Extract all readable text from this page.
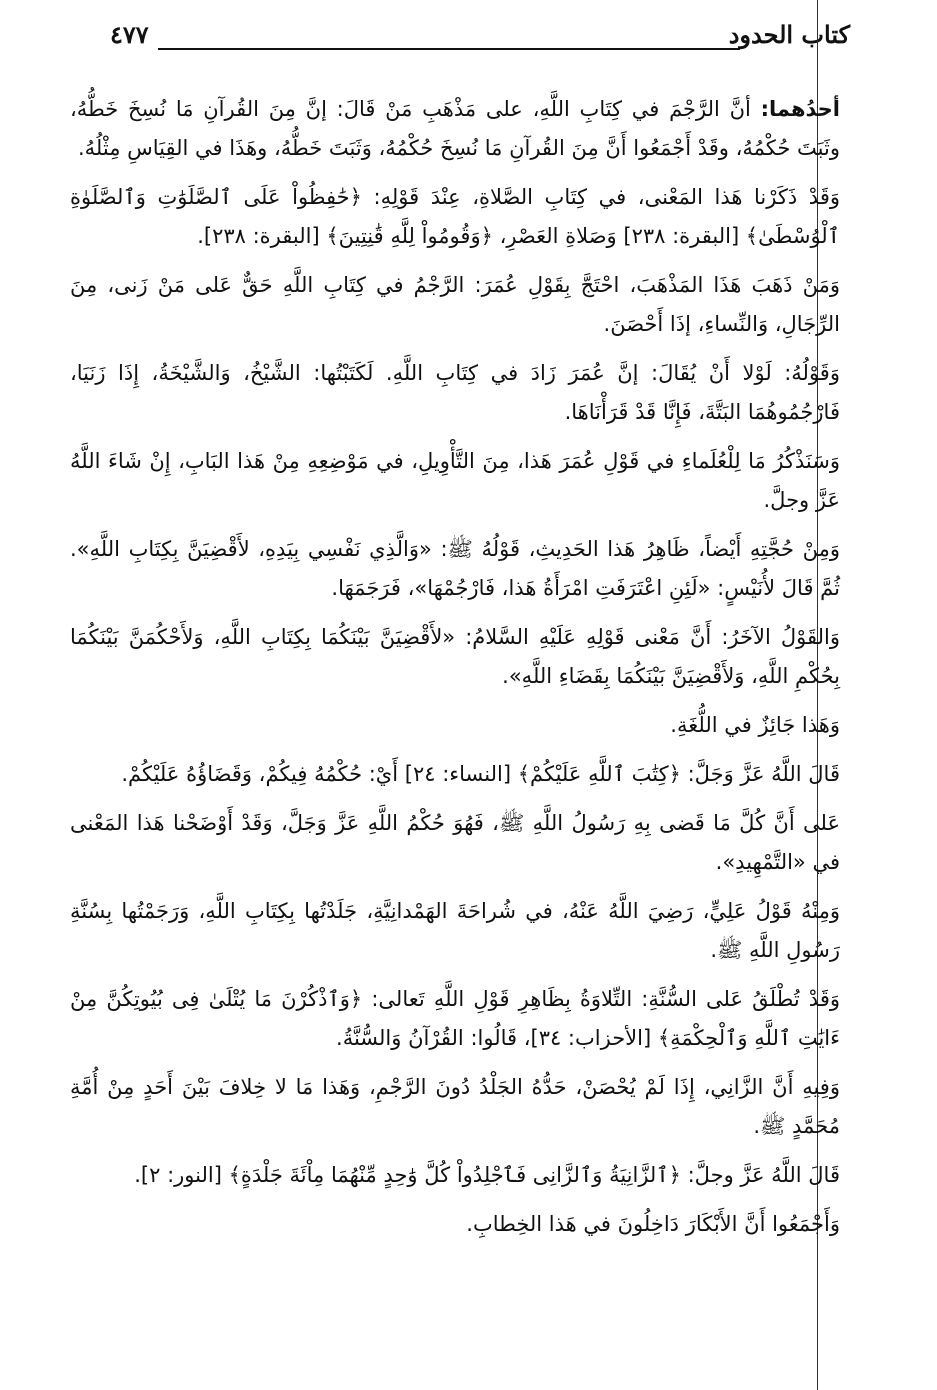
كتاب الحدود
٤٧٧

أحدُهما: أنَّ الرَّجْمَ في كِتَابِ اللَّهِ، على مَذْهَبِ مَنْ قَالَ: إنَّ مِنَ القُرآنِ مَا نُسِخَ خَطُّهُ، وثَبَتَ حُكْمُهُ، وقَدْ أَجْمَعُوا أَنَّ مِنَ القُرآنِ مَا نُسِخَ حُكْمُهُ، وَثَبَتَ خَطُّهُ، وهَذَا في القِيَاسِ مِثْلُهُ.

وَقَدْ ذَكَرْنا هَذا المَعْنى، في كِتَابِ الصَّلاةِ، عِنْدَ قَوْلِهِ: ﴿حَٰفِظُواْ عَلَى ٱلصَّلَوَٰتِ وَٱلصَّلَوٰةِ ٱلْوُسْطَىٰ﴾ [البقرة: ٢٣٨] وَصَلاةِ العَصْرِ، ﴿وَقُومُواْ لِلَّهِ قَٰنِتِينَ﴾ [البقرة: ٢٣٨].

وَمَنْ ذَهَبَ هَذَا المَذْهَبَ، احْتَجَّ بِقَوْلِ عُمَرَ: الرَّجْمُ في كِتَابِ اللَّهِ حَقٌّ عَلى مَنْ زَنى، مِنَ الرِّجَالِ، وَالنِّساءِ، إذَا أَحْصَنَ.

وَقَوْلُهُ: لَوْلا أَنْ يُقَالَ: إنَّ عُمَرَ زَادَ في كِتَابِ اللَّهِ. لَكَتَبْتُها: الشَّيْخُ، وَالشَّيْخَةُ، إِذَا زَنَيَا، فَارْجُمُوهُمَا البَتَّةَ، فَإِنَّا قَدْ قَرَأْنَاهَا.

وَسَنَذْكُرُ مَا لِلْعُلَماءِ في قَوْلِ عُمَرَ هَذا، مِنَ التَّأْوِيلِ، في مَوْضِعِهِ مِنْ هَذا البَابِ، إِنْ شَاءَ اللَّهُ عَزَّ وجلَّ.

وَمِنْ حُجَّتِهِ أَيْضاً، ظَاهِرُ هَذا الحَدِيثِ، قَوْلُهُ ﷺ: «وَالَّذِي نَفْسِي بِيَدِهِ، لأَقْضِيَنَّ بِكِتَابِ اللَّهِ». ثُمَّ قَالَ لأُنَيْسٍ: «لَئِنِ اعْتَرَفَتِ امْرَأَةُ هَذا، فَارْجُمْهَا»، فَرَجَمَهَا.

وَالقَوْلُ الآخَرُ: أَنَّ مَعْنى قَوْلِهِ عَلَيْهِ السَّلامُ: «لأَقْضِيَنَّ بَيْنَكُمَا بِكِتَابِ اللَّهِ، وَلأَحْكُمَنَّ بَيْنَكُمَا بِحُكْمِ اللَّهِ، وَلأَقْضِيَنَّ بَيْنَكُمَا بِقَضَاءِ اللَّهِ».

وَهَذا جَائِزٌ في اللُّغَةِ.

قَالَ اللَّهُ عَزَّ وَجَلَّ: ﴿كِتَٰبَ ٱللَّهِ عَلَيْكُمْ﴾ [النساء: ٢٤] أَيْ: حُكْمُهُ فِيكُمْ، وَقَضَاؤُهُ عَلَيْكُمْ.

عَلى أَنَّ كُلَّ مَا قَضى بِهِ رَسُولُ اللَّهِ ﷺ، فَهُوَ حُكْمُ اللَّهِ عَزَّ وَجَلَّ، وَقَدْ أَوْضَحْنا هَذا المَعْنى في «التَّمْهِيدِ».

وَمِنْهُ قَوْلُ عَلِيٍّ، رَضِيَ اللَّهُ عَنْهُ، في شُراحَةَ الهَمْدانِيَّةِ، جَلَدْتُها بِكِتَابِ اللَّهِ، وَرَجَمْتُها بِسُنَّةِ رَسُولِ اللَّهِ ﷺ.

وَقَدْ تُطْلَقُ عَلى السُّنَّةِ: التِّلاوَةُ بِظَاهِرِ قَوْلِ اللَّهِ تَعالى: ﴿وَٱذْكُرْنَ مَا يُتْلَىٰ فِى بُيُوتِكُنَّ مِنْ ءَايَٰتِ ٱللَّهِ وَٱلْحِكْمَةِ﴾ [الأحزاب: ٣٤]، قَالُوا: القُرْآنُ وَالسُّنَّةُ.

وَفِيهِ أَنَّ الزَّانِي، إِذَا لَمْ يُحْصَنْ، حَدُّهُ الجَلْدُ دُونَ الرَّجْمِ، وَهَذا مَا لا خِلافَ بَيْنَ أَحَدٍ مِنْ أُمَّةِ مُحَمَّدٍ ﷺ.

قَالَ اللَّهُ عَزَّ وجلَّ: ﴿ٱلزَّانِيَةُ وَٱلزَّانِى فَٱجْلِدُواْ كُلَّ وَٰحِدٍ مِّنْهُمَا مِاْئَةَ جَلْدَةٍ﴾ [النور: ٢].

وَأَجْمَعُوا أَنَّ الأَبْكَارَ دَاخِلُونَ في هَذا الخِطابِ.
